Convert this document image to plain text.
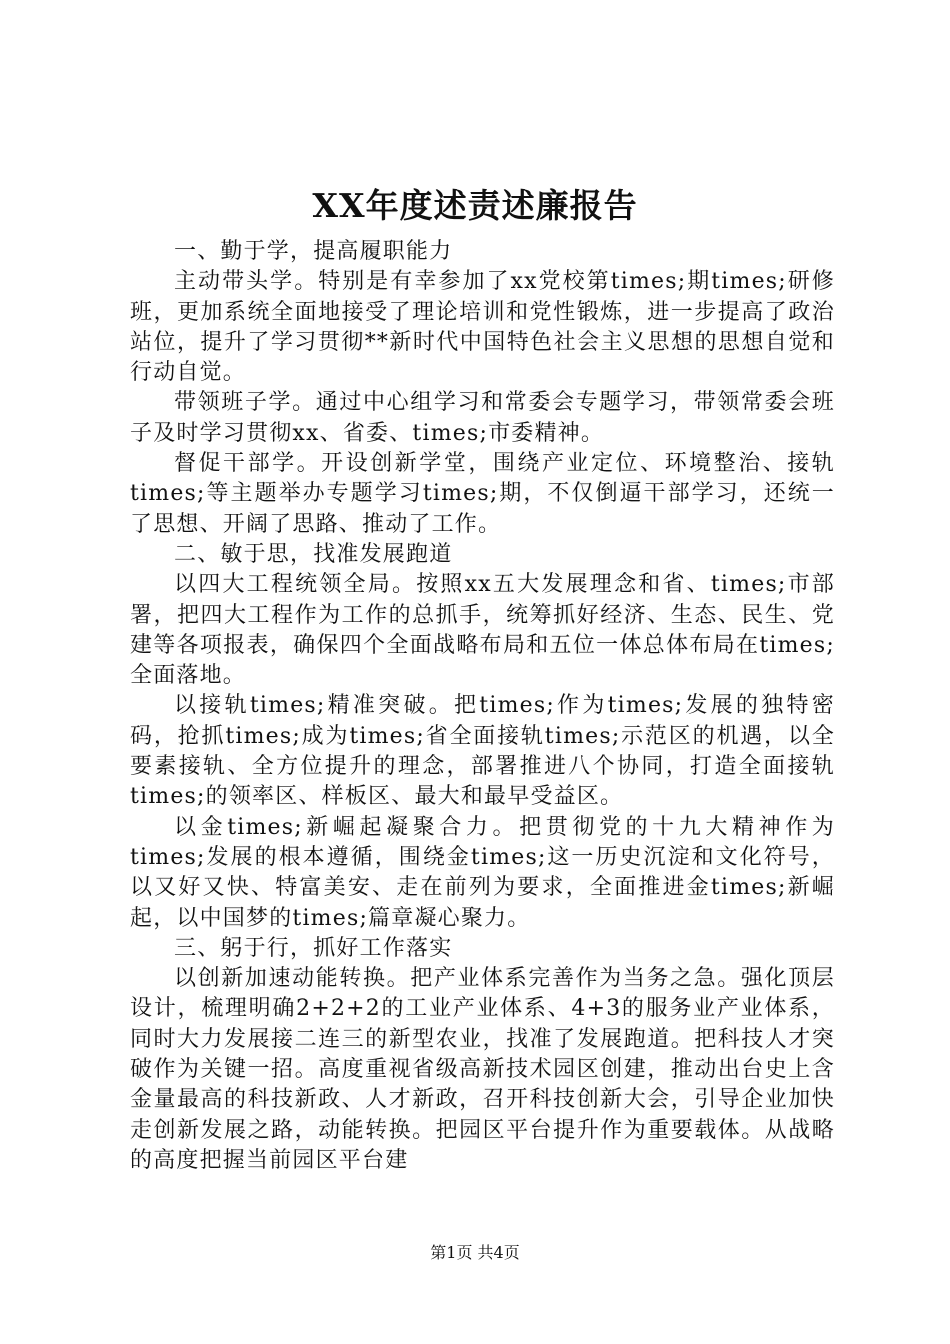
XX年度述责述廉报告

一、勤于学，提高履职能力

主动带头学。特别是有幸参加了xx党校第times;期times;研修班，更加系统全面地接受了理论培训和党性锻炼，进一步提高了政治站位，提升了学习贯彻**新时代中国特色社会主义思想的思想自觉和行动自觉。

带领班子学。通过中心组学习和常委会专题学习，带领常委会班子及时学习贯彻xx、省委、times;市委精神。

督促干部学。开设创新学堂，围绕产业定位、环境整治、接轨times;等主题举办专题学习times;期，不仅倒逼干部学习，还统一了思想、开阔了思路、推动了工作。

二、敏于思，找准发展跑道

以四大工程统领全局。按照xx五大发展理念和省、times;市部署，把四大工程作为工作的总抓手，统筹抓好经济、生态、民生、党建等各项报表，确保四个全面战略布局和五位一体总体布局在times;全面落地。

以接轨times;精准突破。把times;作为times;发展的独特密码，抢抓times;成为times;省全面接轨times;示范区的机遇，以全要素接轨、全方位提升的理念，部署推进八个协同，打造全面接轨times;的领率区、样板区、最大和最早受益区。

以金times;新崛起凝聚合力。把贯彻党的十九大精神作为times;发展的根本遵循，围绕金times;这一历史沉淀和文化符号，以又好又快、特富美安、走在前列为要求，全面推进金times;新崛起，以中国梦的times;篇章凝心聚力。

三、躬于行，抓好工作落实

以创新加速动能转换。把产业体系完善作为当务之急。强化顶层设计，梳理明确2+2+2的工业产业体系、4+3的服务业产业体系，同时大力发展接二连三的新型农业，找准了发展跑道。把科技人才突破作为关键一招。高度重视省级高新技术园区创建，推动出台史上含金量最高的科技新政、人才新政，召开科技创新大会，引导企业加快走创新发展之路，动能转换。把园区平台提升作为重要载体。从战略的高度把握当前园区平台建

第1页 共4页
